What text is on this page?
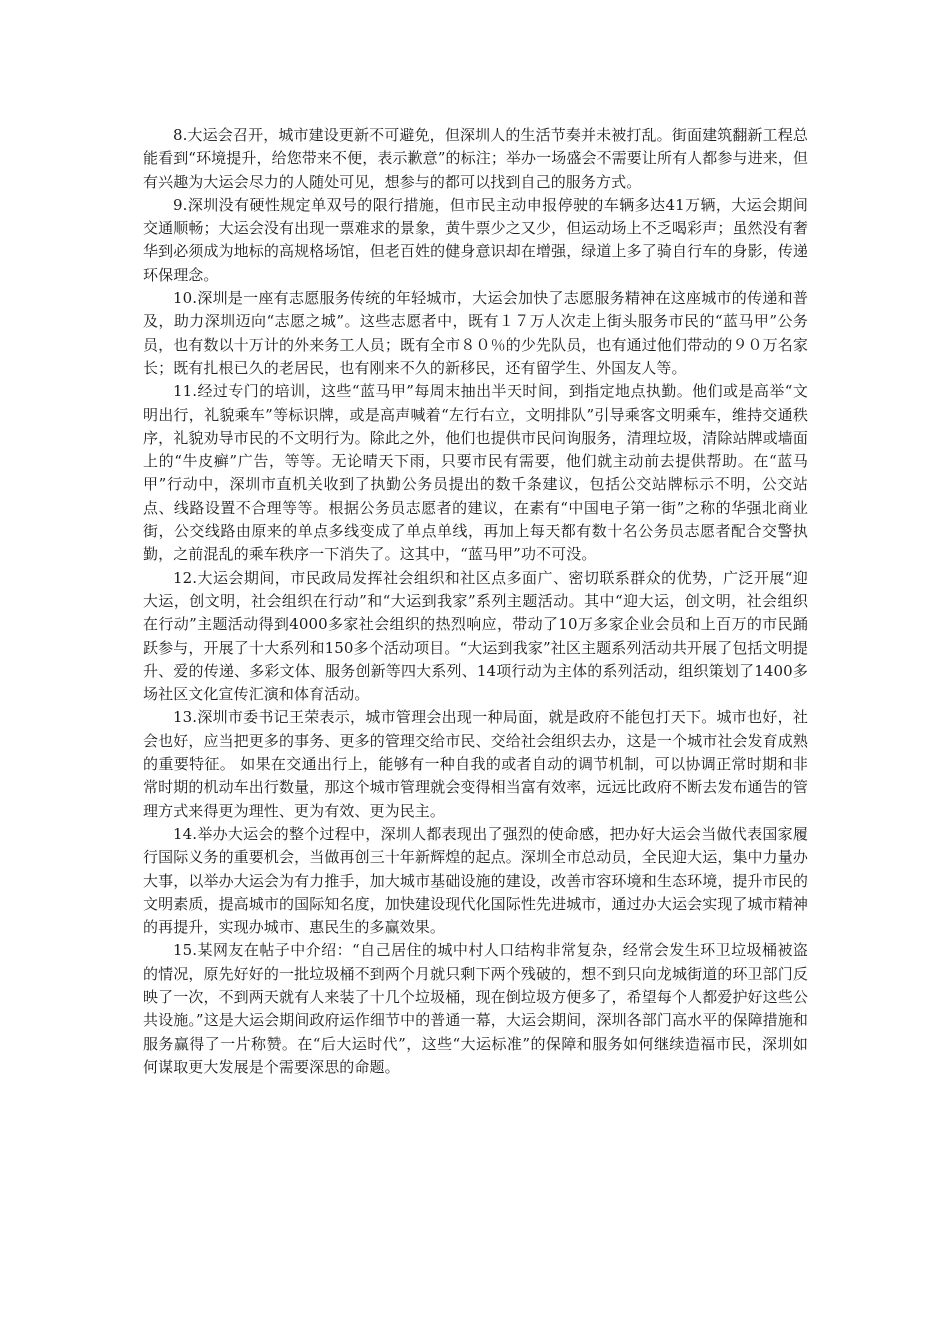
8.大运会召开，城市建设更新不可避免，但深圳人的生活节奏并未被打乱。街面建筑翻新工程总能看到“环境提升，给您带来不便，表示歉意”的标注；举办一场盛会不需要让所有人都参与进来，但有兴趣为大运会尽力的人随处可见，想参与的都可以找到自己的服务方式。

9.深圳没有硬性规定单双号的限行措施，但市民主动申报停驶的车辆多达41万辆，大运会期间交通顺畅；大运会没有出现一票难求的景象，黄牛票少之又少，但运动场上不乏喝彩声；虽然没有奢华到必须成为地标的高规格场馆，但老百姓的健身意识却在增强，绿道上多了骑自行车的身影，传递环保理念。

10.深圳是一座有志愿服务传统的年轻城市，大运会加快了志愿服务精神在这座城市的传递和普及，助力深圳迈向“志愿之城”。这些志愿者中，既有１７万人次走上街头服务市民的“蓝马甲”公务员，也有数以十万计的外来务工人员；既有全市８０％的少先队员，也有通过他们带动的９０万名家长；既有扎根已久的老居民，也有刚来不久的新移民，还有留学生、外国友人等。

11.经过专门的培训，这些“蓝马甲”每周末抽出半天时间，到指定地点执勤。他们或是高举“文明出行，礼貌乘车”等标识牌，或是高声喊着“左行右立，文明排队”引导乘客文明乘车，维持交通秩序，礼貌劝导市民的不文明行为。除此之外，他们也提供市民问询服务，清理垃圾，清除站牌或墙面上的“牛皮癣”广告，等等。无论晴天下雨，只要市民有需要，他们就主动前去提供帮助。在“蓝马甲”行动中，深圳市直机关收到了执勤公务员提出的数千条建议，包括公交站牌标示不明，公交站点、线路设置不合理等等。根据公务员志愿者的建议，在素有“中国电子第一街”之称的华强北商业街，公交线路由原来的单点多线变成了单点单线，再加上每天都有数十名公务员志愿者配合交警执勤，之前混乱的乘车秩序一下消失了。这其中，“蓝马甲”功不可没。

12.大运会期间，市民政局发挥社会组织和社区点多面广、密切联系群众的优势，广泛开展“迎大运，创文明，社会组织在行动”和“大运到我家”系列主题活动。其中“迎大运，创文明，社会组织在行动”主题活动得到4000多家社会组织的热烈响应，带动了10万多家企业会员和上百万的市民踊跃参与，开展了十大系列和150多个活动项目。“大运到我家”社区主题系列活动共开展了包括文明提升、爱的传递、多彩文体、服务创新等四大系列、14项行动为主体的系列活动，组织策划了1400多场社区文化宣传汇演和体育活动。

13.深圳市委书记王荣表示，城市管理会出现一种局面，就是政府不能包打天下。城市也好，社会也好，应当把更多的事务、更多的管理交给市民、交给社会组织去办，这是一个城市社会发育成熟的重要特征。 如果在交通出行上，能够有一种自我的或者自动的调节机制，可以协调正常时期和非常时期的机动车出行数量，那这个城市管理就会变得相当富有效率，远远比政府不断去发布通告的管理方式来得更为理性、更为有效、更为民主。

14.举办大运会的整个过程中，深圳人都表现出了强烈的使命感，把办好大运会当做代表国家履行国际义务的重要机会，当做再创三十年新辉煌的起点。深圳全市总动员，全民迎大运，集中力量办大事，以举办大运会为有力推手，加大城市基础设施的建设，改善市容环境和生态环境，提升市民的文明素质，提高城市的国际知名度，加快建设现代化国际性先进城市，通过办大运会实现了城市精神的再提升，实现办城市、惠民生的多赢效果。

15.某网友在帖子中介绍：“自己居住的城中村人口结构非常复杂，经常会发生环卫垃圾桶被盗的情况，原先好好的一批垃圾桶不到两个月就只剩下两个残破的，想不到只向龙城街道的环卫部门反映了一次，不到两天就有人来装了十几个垃圾桶，现在倒垃圾方便多了，希望每个人都爱护好这些公共设施。”这是大运会期间政府运作细节中的普通一幕，大运会期间，深圳各部门高水平的保障措施和服务赢得了一片称赞。在“后大运时代”，这些“大运标准”的保障和服务如何继续造福市民，深圳如何谋取更大发展是个需要深思的命题。
